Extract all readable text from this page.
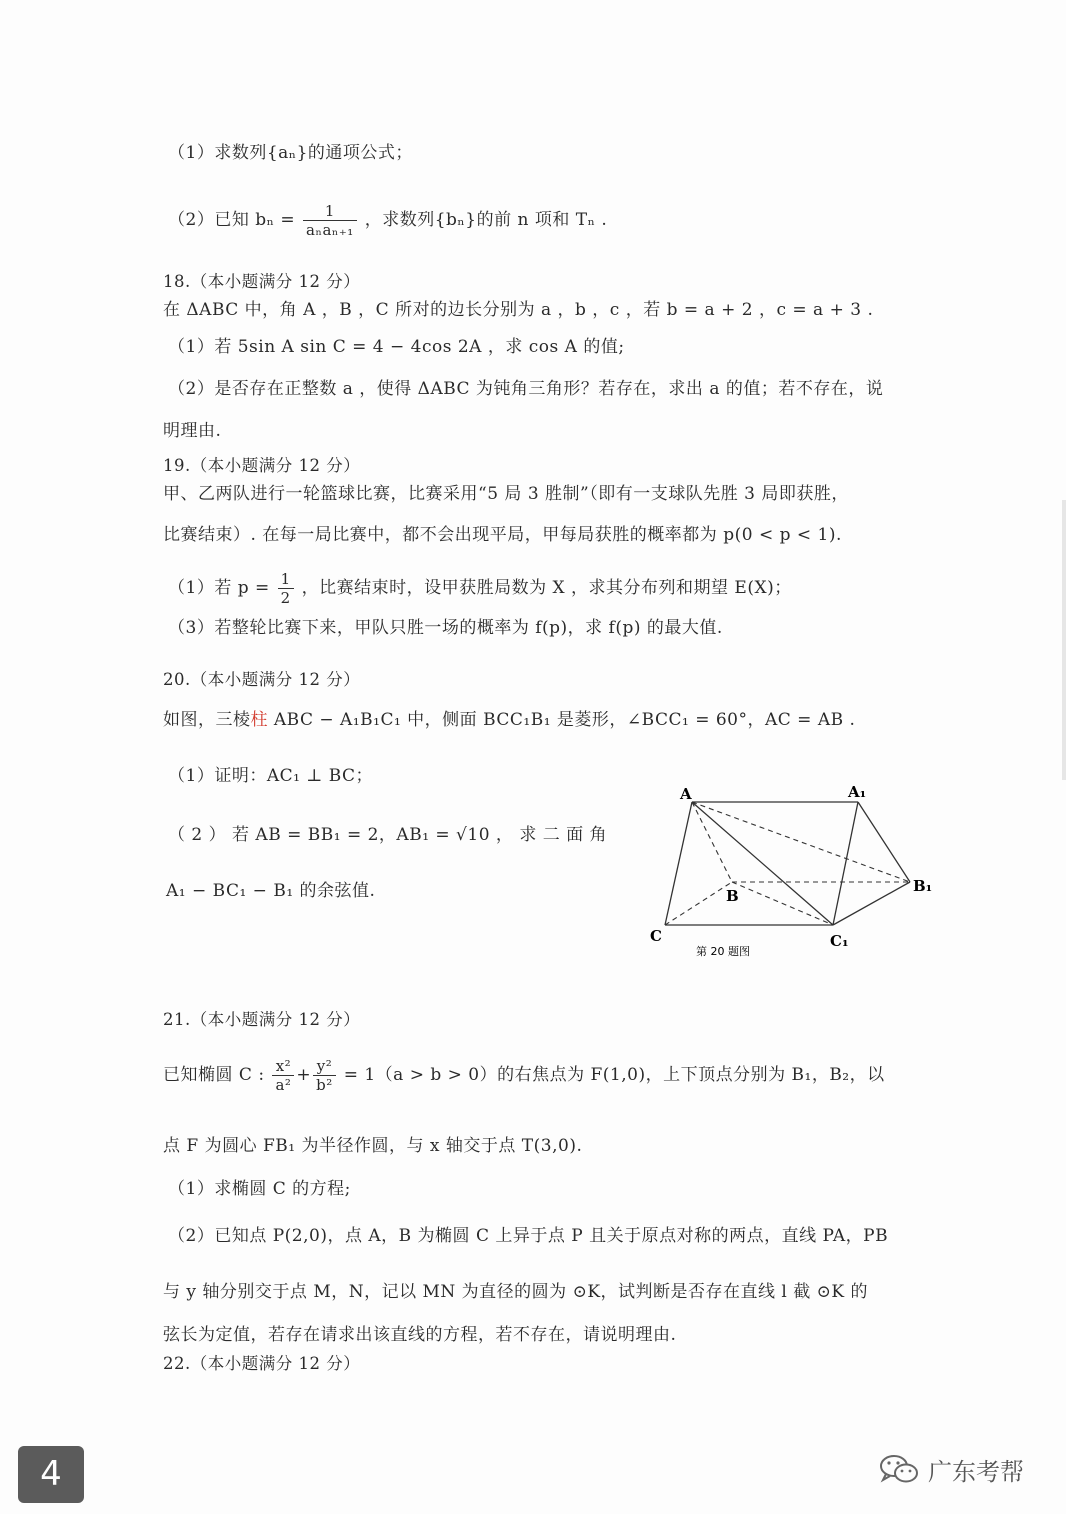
（1）求数列{aₙ}的通项公式；
（2）已知 $b_n = \frac{1}{\text{aₙaₙ₊₁}}$ ，求数列{bₙ}的前 n 项和 Tₙ .
18.（本小题满分 12 分）
在 ΔABC 中，角 A ，B ，C 所对的边长分别为 a ，b ，c ，若 b = a + 2 ，c = a + 3 .
（1）若 5sin A sin C = 4 − 4cos 2A ，求 cos A 的值;
（2）是否存在正整数 a ，使得 ΔABC 为钝角三角形？若存在，求出 a 的值；若不存在，说
明理由.
19.（本小题满分 12 分）
甲、乙两队进行一轮篮球比赛，比赛采用“5 局 3 胜制”（即有一支球队先胜 3 局即获胜，
比赛结束）. 在每一局比赛中，都不会出现平局，甲每局获胜的概率都为 p(0 < p < 1).
（1）若 $p = \frac{1}{2}$ ，比赛结束时，设甲获胜局数为 X ，求其分布列和期望 E(X)；
（3）若整轮比赛下来，甲队只胜一场的概率为 f(p)，求 f(p) 的最大值.
20.（本小题满分 12 分）
如图，三棱柱 ABC − A₁B₁C₁ 中，侧面 BCC₁B₁ 是菱形，∠BCC₁ = 60°，AC = AB .
（1）证明：AC₁ ⊥ BC；
（ 2 ） 若 AB = BB₁ = 2，AB₁ = √10 ， 求 二 面 角
A₁ − BC₁ − B₁ 的余弦值.
A	A₁
B
B₁
C	C₁
第 20 题图
21.（本小题满分 12 分）
已知椭圆 C : $\frac{\text{x²}}{\text{a²}} + \frac{\text{y²}}{\text{b²}} = 1(a > b > 0)$的右焦点为 F(1,0)，上下顶点分别为 B₁，B₂，以
点 F 为圆心 FB₁ 为半径作圆，与 x 轴交于点 T(3,0).
（1）求椭圆 C 的方程;
（2）已知点 P(2,0)，点 A，B 为椭圆 C 上异于点 P 且关于原点对称的两点，直线 PA，PB
与 y 轴分别交于点 M，N，记以 MN 为直径的圆为 ⊙K，试判断是否存在直线 l 截 ⊙K 的
弦长为定值，若存在请求出该直线的方程，若不存在，请说明理由.
22.（本小题满分 12 分）
4	广东考帮
